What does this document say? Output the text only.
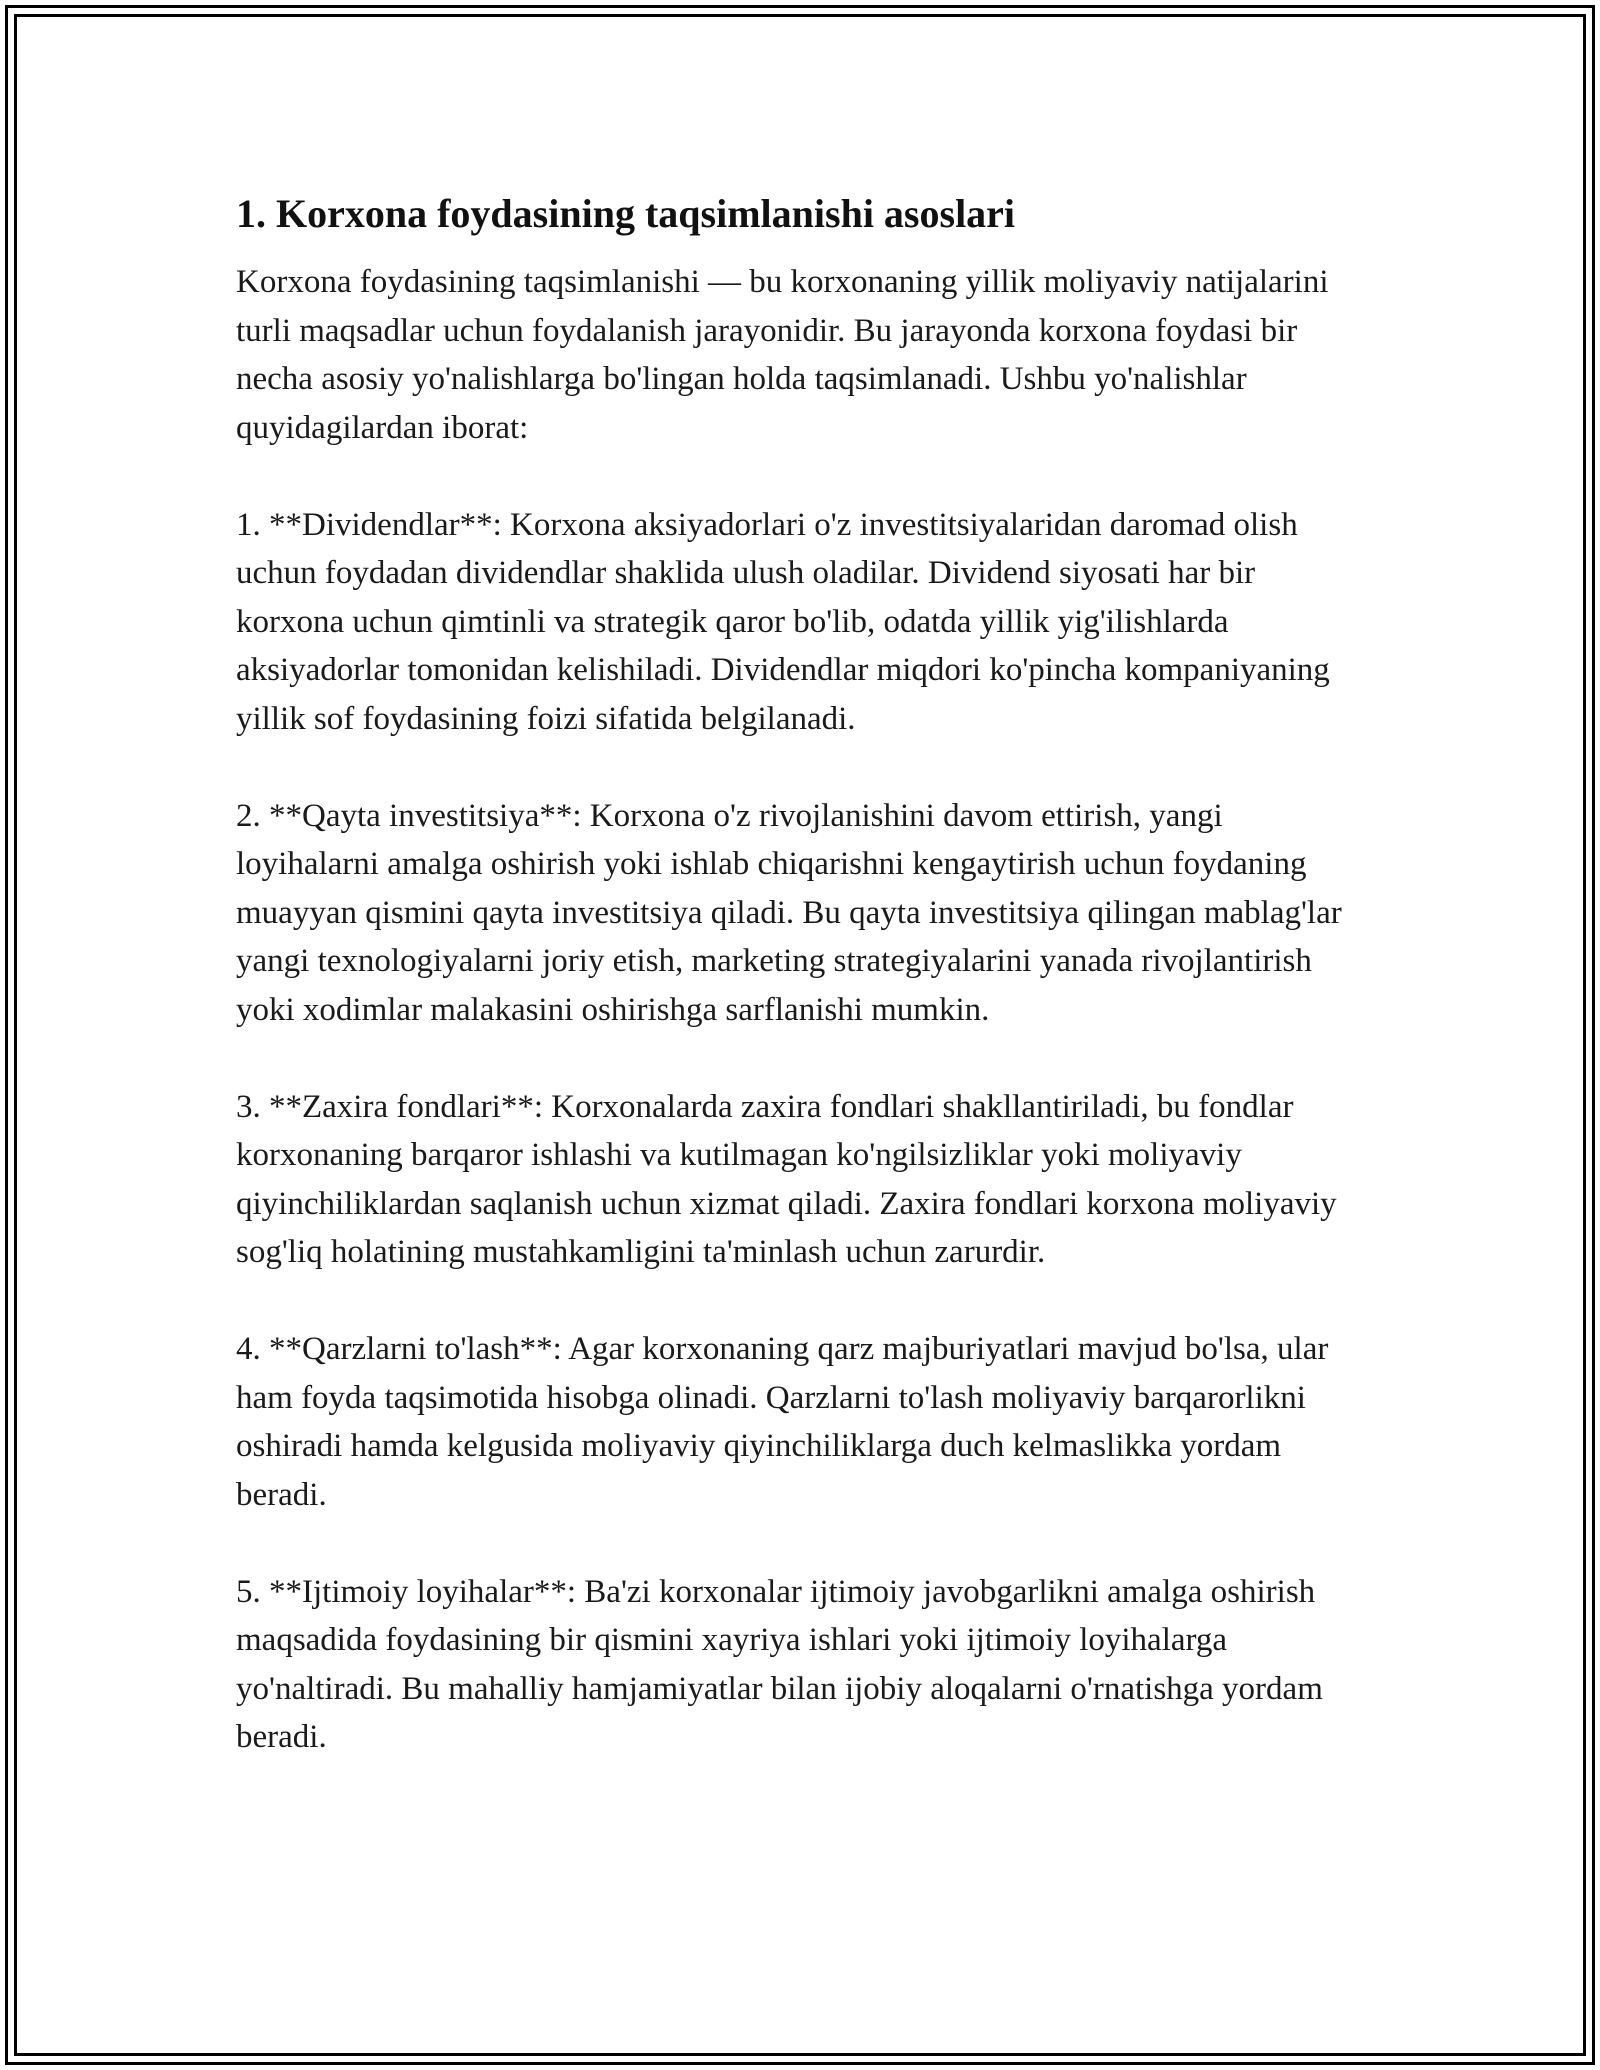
1. Korxona foydasining taqsimlanishi asoslari

Korxona foydasining taqsimlanishi — bu korxonaning yillik moliyaviy natijalarini turli maqsadlar uchun foydalanish jarayonidir. Bu jarayonda korxona foydasi bir necha asosiy yo'nalishlarga bo'lingan holda taqsimlanadi. Ushbu yo'nalishlar quyidagilardan iborat:

1. **Dividendlar**: Korxona aksiyadorlari o'z investitsiyalaridan daromad olish uchun foydadan dividendlar shaklida ulush oladilar. Dividend siyosati har bir korxona uchun qimtinli va strategik qaror bo'lib, odatda yillik yig'ilishlarda aksiyadorlar tomonidan kelishiladi. Dividendlar miqdori ko'pincha kompaniyaning yillik sof foydasining foizi sifatida belgilanadi.

2. **Qayta investitsiya**: Korxona o'z rivojlanishini davom ettirish, yangi loyihalarni amalga oshirish yoki ishlab chiqarishni kengaytirish uchun foydaning muayyan qismini qayta investitsiya qiladi. Bu qayta investitsiya qilingan mablag'lar yangi texnologiyalarni joriy etish, marketing strategiyalarini yanada rivojlantirish yoki xodimlar malakasini oshirishga sarflanishi mumkin.

3. **Zaxira fondlari**: Korxonalarda zaxira fondlari shakllantiriladi, bu fondlar korxonaning barqaror ishlashi va kutilmagan ko'ngilsizliklar yoki moliyaviy qiyinchiliklardan saqlanish uchun xizmat qiladi. Zaxira fondlari korxona moliyaviy sog'liq holatining mustahkamligini ta'minlash uchun zarurdir.

4. **Qarzlarni to'lash**: Agar korxonaning qarz majburiyatlari mavjud bo'lsa, ular ham foyda taqsimotida hisobga olinadi. Qarzlarni to'lash moliyaviy barqarorlikni oshiradi hamda kelgusida moliyaviy qiyinchiliklarga duch kelmaslikka yordam beradi.

5. **Ijtimoiy loyihalar**: Ba'zi korxonalar ijtimoiy javobgarlikni amalga oshirish maqsadida foydasining bir qismini xayriya ishlari yoki ijtimoiy loyihalarga yo'naltiradi. Bu mahalliy hamjamiyatlar bilan ijobiy aloqalarni o'rnatishga yordam beradi.
